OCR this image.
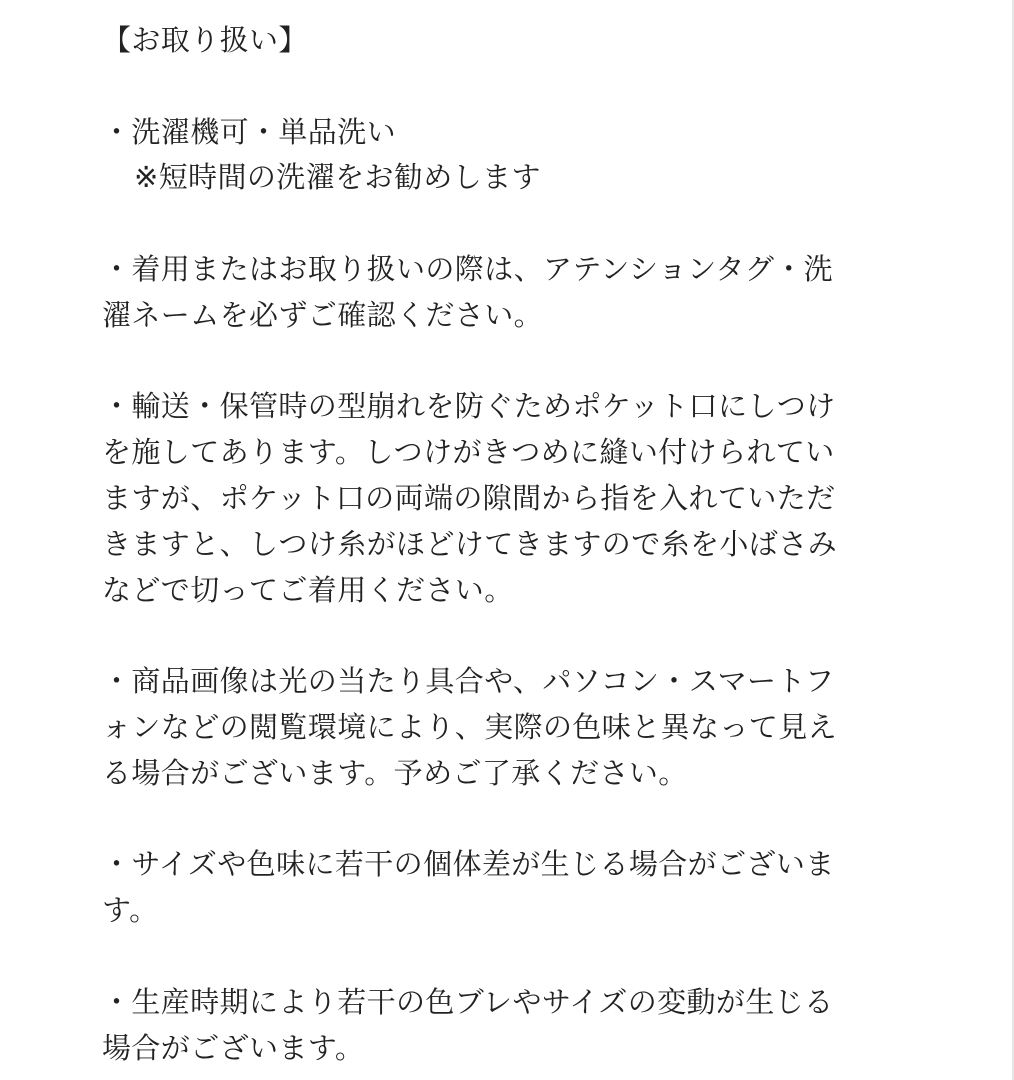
【お取り扱い】
・洗濯機可・単品洗い
※短時間の洗濯をお勧めします
・着用またはお取り扱いの際は、アテンションタグ・洗
濯ネームを必ずご確認ください。
・輸送・保管時の型崩れを防ぐためポケット口にしつけ
を施してあります。しつけがきつめに縫い付けられてい
ますが、ポケット口の両端の隙間から指を入れていただ
きますと、しつけ糸がほどけてきますので糸を小ばさみ
などで切ってご着用ください。
・商品画像は光の当たり具合や、パソコン・スマートフ
ォンなどの閲覧環境により、実際の色味と異なって見え
る場合がございます。予めご了承ください。
・サイズや色味に若干の個体差が生じる場合がございま
す。
・生産時期により若干の色ブレやサイズの変動が生じる
場合がございます。
